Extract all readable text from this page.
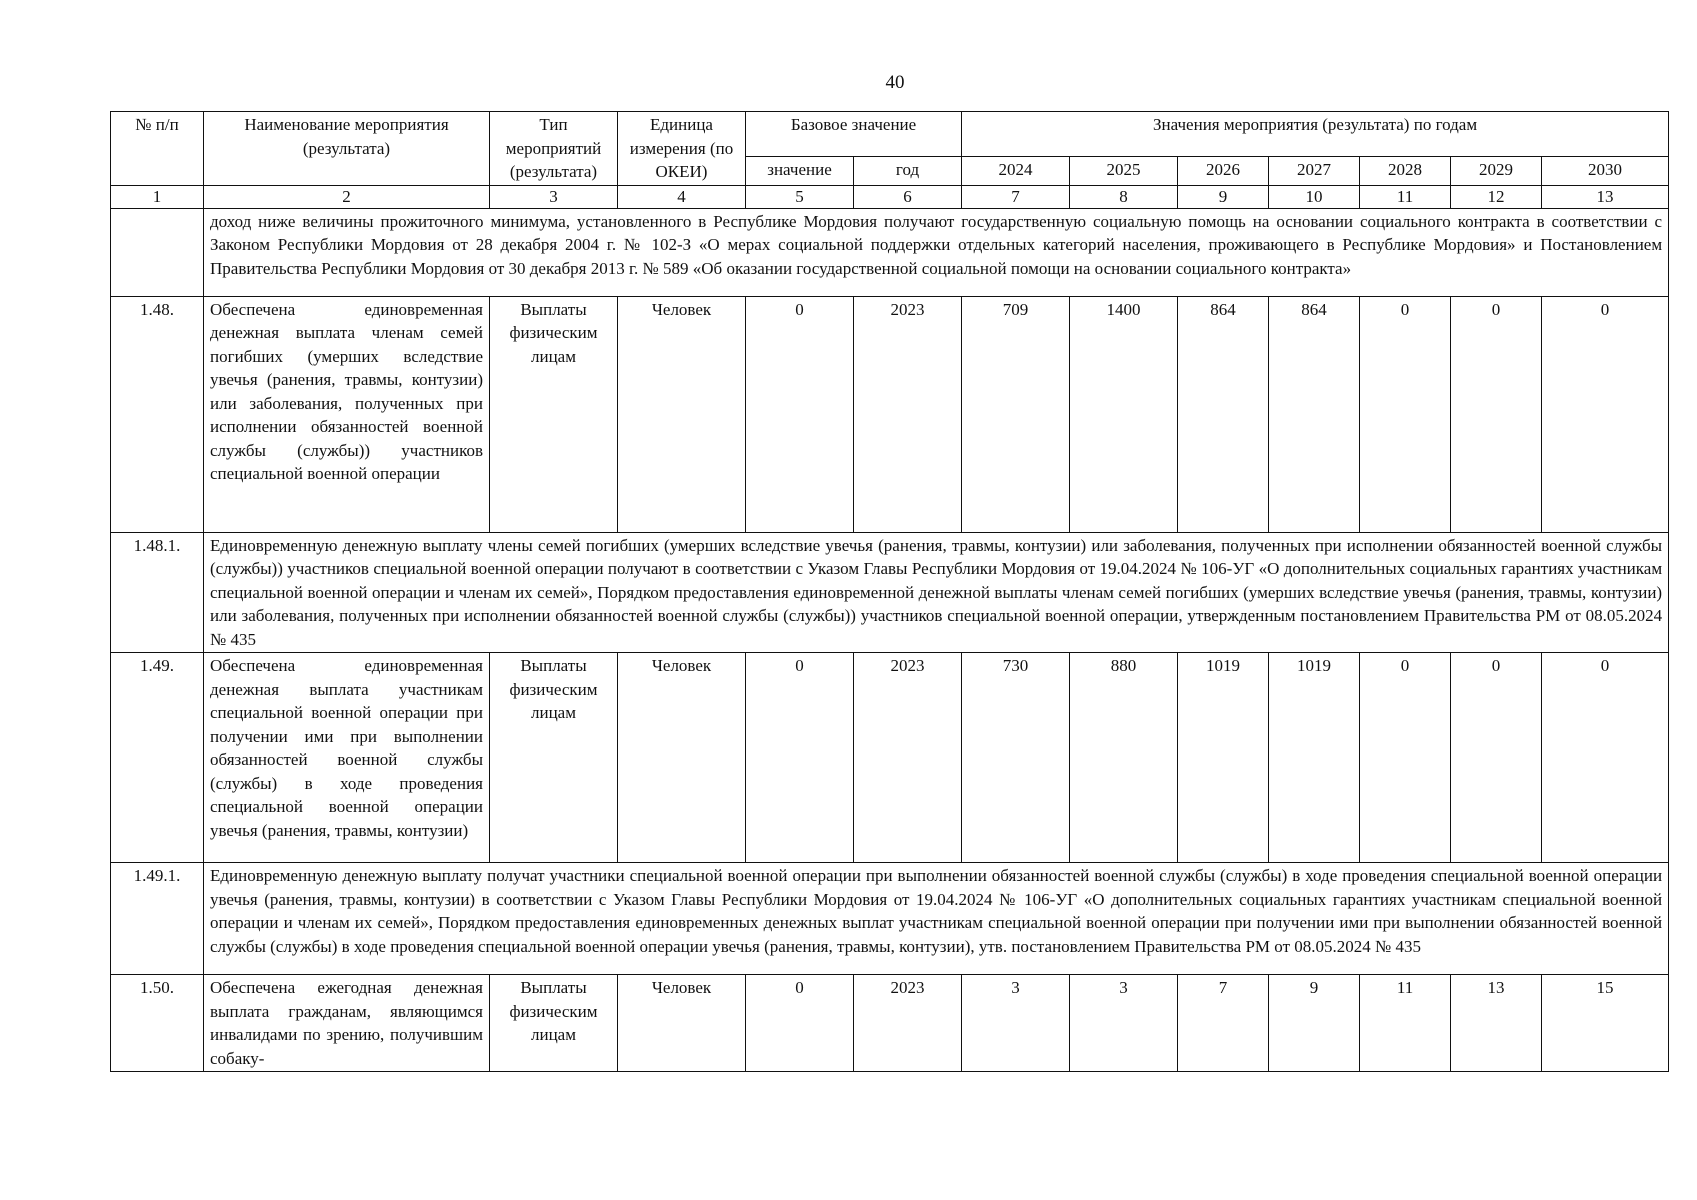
40
№ п/п	Наименование мероприятия (результата)	Тип мероприятий (результата)	Единица измерения (по ОКЕИ)	Базовое значение		Значения мероприятия (результата) по годам						
				значение	год	2024	2025	2026	2027	2028	2029	2030
1	2	3	4	5	6	7	8	9	10	11	12	13
	доход ниже величины прожиточного минимума, установленного в Республике Мордовия получают государственную социальную помощь на основании социального контракта в соответствии с Законом Республики Мордовия от 28 декабря 2004 г. № 102-З «О мерах социальной поддержки отдельных категорий населения, проживающего в Республике Мордовия» и Постановлением Правительства Республики Мордовия от 30 декабря 2013 г. № 589 «Об оказании государственной социальной помощи на основании социального контракта»											
1.48.	Обеспечена единовременная денежная выплата членам семей погибших (умерших вследствие увечья (ранения, травмы, контузии) или заболевания, полученных при исполнении обязанностей военной службы (службы)) участников специальной военной операции	Выплаты физическим лицам	Человек	0	2023	709	1400	864	864	0	0	0
1.48.1.	Единовременную денежную выплату члены семей погибших (умерших вследствие увечья (ранения, травмы, контузии) или заболевания, полученных при исполнении обязанностей военной службы (службы)) участников специальной военной операции получают в соответствии с Указом Главы Республики Мордовия от 19.04.2024 № 106-УГ «О дополнительных социальных гарантиях участникам специальной военной операции и членам их семей», Порядком предоставления единовременной денежной выплаты членам семей погибших (умерших вследствие увечья (ранения, травмы, контузии) или заболевания, полученных при исполнении обязанностей военной службы (службы)) участников специальной военной операции, утвержденным постановлением Правительства РМ от 08.05.2024 № 435											
1.49.	Обеспечена единовременная денежная выплата участникам специальной военной операции при получении ими при выполнении обязанностей военной службы (службы) в ходе проведения специальной военной операции увечья (ранения, травмы, контузии)	Выплаты физическим лицам	Человек	0	2023	730	880	1019	1019	0	0	0
1.49.1.	Единовременную денежную выплату получат участники специальной военной операции при выполнении обязанностей военной службы (службы) в ходе проведения специальной военной операции увечья (ранения, травмы, контузии) в соответствии с Указом Главы Республики Мордовия от 19.04.2024 № 106-УГ «О дополнительных социальных гарантиях участникам специальной военной операции и членам их семей», Порядком предоставления единовременных денежных выплат участникам специальной военной операции при получении ими при выполнении обязанностей военной службы (службы) в ходе проведения специальной военной операции увечья (ранения, травмы, контузии), утв. постановлением Правительства РМ от 08.05.2024 № 435											
1.50.	Обеспечена ежегодная денежная выплата гражданам, являющимся инвалидами по зрению, получившим собаку-	Выплаты физическим лицам	Человек	0	2023	3	3	7	9	11	13	15
